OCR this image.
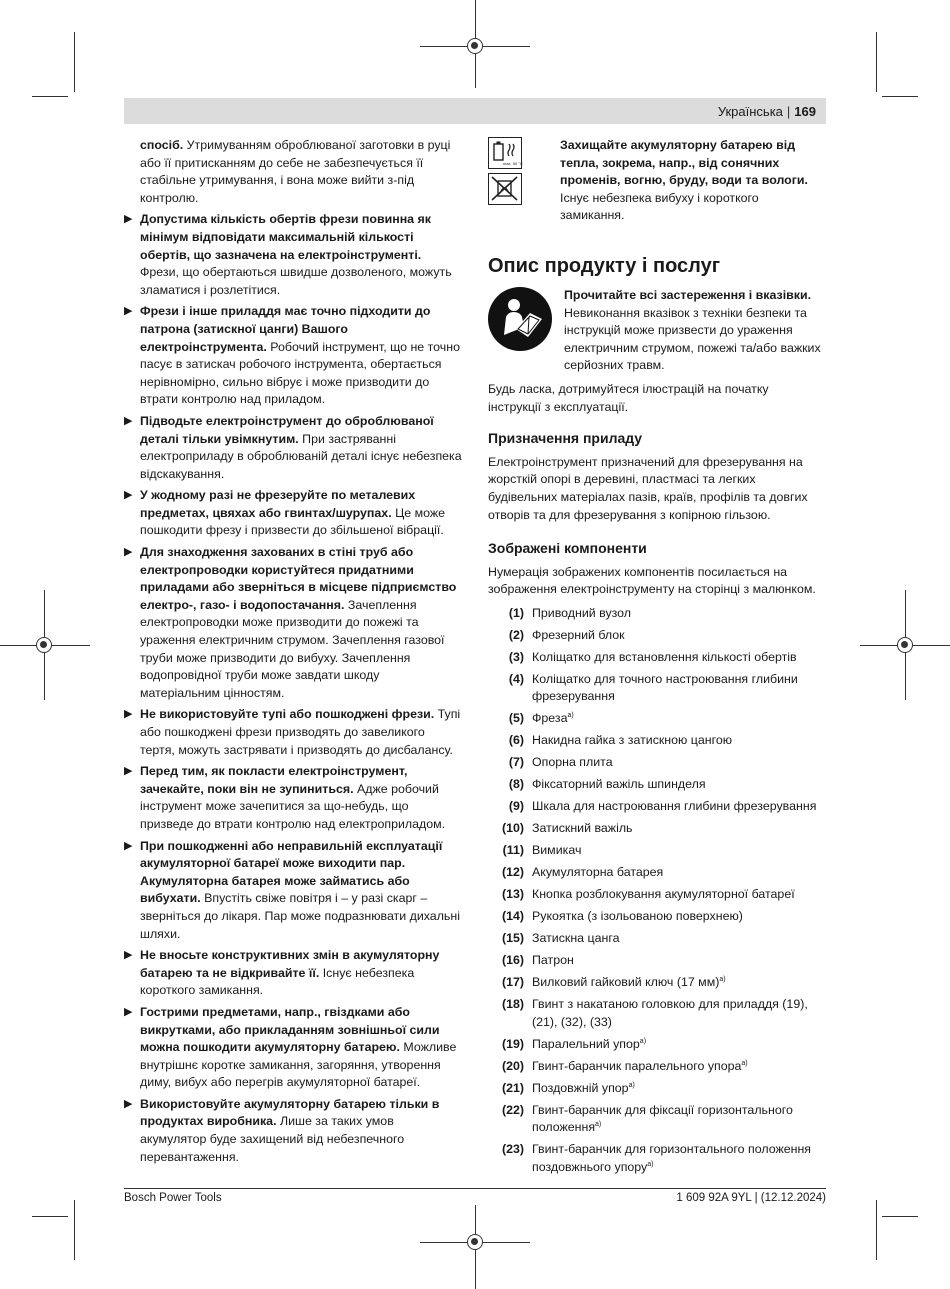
Українська | 169

спосіб. Утримуванням оброблюваної заготовки в руці або її притисканням до себе не забезпечується її стабільне утримування, і вона може вийти з-під контролю.

▶ Допустима кількість обертів фрези повинна як мінімум відповідати максимальній кількості обертів, що зазначена на електроінструменті. Фрези, що обертаються швидше дозволеного, можуть зламатися і розлетітися.

▶ Фрези і інше приладдя має точно підходити до патрона (затискної цанги) Вашого електроінструмента. Робочий інструмент, що не точно пасує в затискач робочого інструмента, обертається нерівномірно, сильно вібрує і може призводити до втрати контролю над приладом.

▶ Підводьте електроінструмент до оброблюваної деталі тільки увімкнутим. При застряванні електроприладу в оброблюваній деталі існує небезпека відскакування.

▶ У жодному разі не фрезеруйте по металевих предметах, цвяхах або гвинтах/шурупах. Це може пошкодити фрезу і призвести до збільшеної вібрації.

▶ Для знаходження захованих в стіні труб або електропроводки користуйтеся придатними приладами або зверніться в місцеве підприємство електро-, газо- і водопостачання. Зачеплення електропроводки може призводити до пожежі та ураження електричним струмом. Зачеплення газової труби може призводити до вибуху. Зачеплення водопровідної труби може завдати шкоду матеріальним цінностям.

▶ Не використовуйте тупі або пошкоджені фрези. Тупі або пошкоджені фрези призводять до завеликого тертя, можуть застрявати і призводять до дисбалансу.

▶ Перед тим, як покласти електроінструмент, зачекайте, поки він не зупиниться. Адже робочий інструмент може зачепитися за що-небудь, що призведе до втрати контролю над електроприладом.

▶ При пошкодженні або неправильній експлуатації акумуляторної батареї може виходити пар. Акумуляторна батарея може займатись або вибухати. Впустіть свіже повітря і – у разі скарг – зверніться до лікаря. Пар може подразнювати дихальні шляхи.

▶ Не вносьте конструктивних змін в акумуляторну батарею та не відкривайте її. Існує небезпека короткого замикання.

▶ Гострими предметами, напр., гвіздками або викрутками, або прикладанням зовнішньої сили можна пошкодити акумуляторну батарею. Можливе внутрішнє коротке замикання, загоряння, утворення диму, вибух або перегрів акумуляторної батареї.

▶ Використовуйте акумуляторну батарею тільки в продуктах виробника. Лише за таких умов акумулятор буде захищений від небезпечного перевантаження.

max. 50 °C
Захищайте акумуляторну батарею від тепла, зокрема, напр., від сонячних променів, вогню, бруду, води та вологи. Існує небезпека вибуху і короткого замикання.
Опис продукту і послуг
Прочитайте всі застереження і вказівки. Невиконання вказівок з техніки безпеки та інструкцій може призвести до ураження електричним струмом, пожежі та/або важких серйозних травм.

Будь ласка, дотримуйтеся ілюстрацій на початку інструкції з експлуатації.

Призначення приладу

Електроінструмент призначений для фрезерування на жорсткій опорі в деревині, пластмасі та легких будівельних матеріалах пазів, країв, профілів та довгих отворів та для фрезерування з копірною гільзою.

Зображені компоненти

Нумерація зображених компонентів посилається на зображення електроінструменту на сторінці з малюнком.

(1) Приводний вузол
(2) Фрезерний блок
(3) Коліщатко для встановлення кількості обертів
(4) Коліщатко для точного настроювання глибини фрезерування
(5) Фреза$^{a)}$
(6) Накидна гайка з затискною цангою
(7) Опорна плита
(8) Фіксаторний важіль шпинделя
(9) Шкала для настроювання глибини фрезерування
(10) Затискний важіль
(11) Вимикач
(12) Акумуляторна батарея
(13) Кнопка розблокування акумуляторної батареї
(14) Рукоятка (з ізольованою поверхнею)
(15) Затискна цанга
(16) Патрон
(17) Вилковий гайковий ключ (17 мм)$^{a)}$
(18) Гвинт з накатаною головкою для приладдя (19), (21), (32), (33)
(19) Паралельний упор$^{a)}$
(20) Гвинт-баранчик паралельного упора$^{a)}$
(21) Поздовжній упор$^{a)}$
(22) Гвинт-баранчик для фіксації горизонтального положення$^{a)}$
(23) Гвинт-баранчик для горизонтального положення поздовжнього упору$^{a)}$
Bosch Power Tools	1 609 92A 9YL | (12.12.2024)
